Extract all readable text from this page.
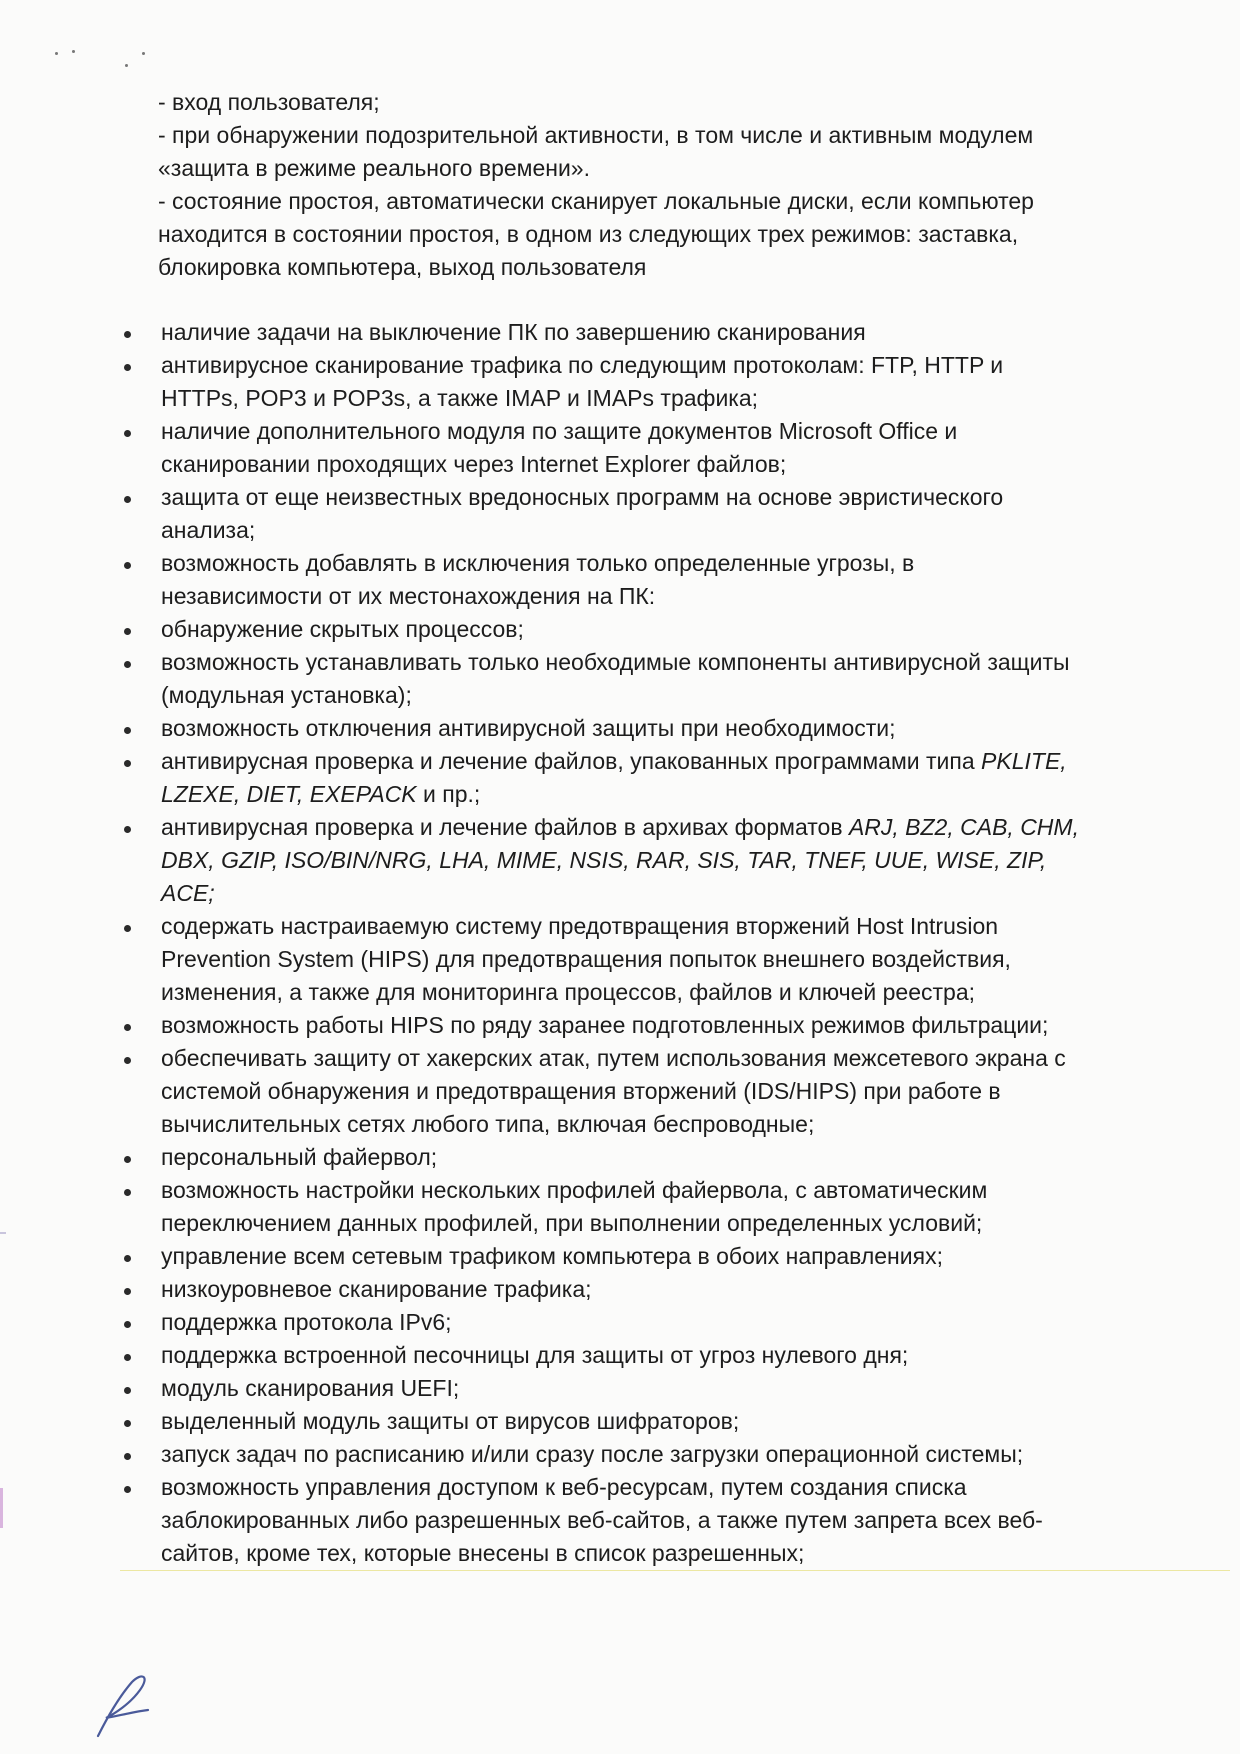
- вход пользователя;
- при обнаружении подозрительной активности, в том числе и активным модулем
«защита в режиме реального времени».
- состояние простоя, автоматически сканирует локальные диски, если компьютер
находится в состоянии простоя, в одном из следующих трех режимов: заставка,
блокировка компьютера, выход пользователя
наличие задачи на выключение ПК по завершению сканирования
антивирусное сканирование трафика по следующим протоколам: FTP, HTTP и
HTTPs, POP3 и POP3s, а также IMAP и IMAPs трафика;
наличие дополнительного модуля по защите документов Microsoft Office и
сканировании проходящих через Internet Explorer файлов;
защита от еще неизвестных вредоносных программ на основе эвристического
анализа;
возможность добавлять в исключения только определенные угрозы, в
независимости от их местонахождения на ПК:
обнаружение скрытых процессов;
возможность устанавливать только необходимые компоненты антивирусной защиты
(модульная установка);
возможность отключения антивирусной защиты при необходимости;
антивирусная проверка и лечение файлов, упакованных программами типа PKLITE,
LZEXE, DIET, EXEPACK и пр.;
антивирусная проверка и лечение файлов в архивах форматов ARJ, BZ2, CAB, CHM,
DBX, GZIP, ISO/BIN/NRG, LHA, MIME, NSIS, RAR, SIS, TAR, TNEF, UUE, WISE, ZIP,
ACE;
содержать настраиваемую систему предотвращения вторжений Host Intrusion
Prevention System (HIPS) для предотвращения попыток внешнего воздействия,
изменения, а также для мониторинга процессов, файлов и ключей реестра;
возможность работы HIPS по ряду заранее подготовленных режимов фильтрации;
обеспечивать защиту от хакерских атак, путем использования межсетевого экрана с
системой обнаружения и предотвращения вторжений (IDS/HIPS) при работе в
вычислительных сетях любого типа, включая беспроводные;
персональный файервол;
возможность настройки нескольких профилей файервола, с автоматическим
переключением данных профилей, при выполнении определенных условий;
управление всем сетевым трафиком компьютера в обоих направлениях;
низкоуровневое сканирование трафика;
поддержка протокола IPv6;
поддержка встроенной песочницы для защиты от угроз нулевого дня;
модуль сканирования UEFI;
выделенный модуль защиты от вирусов шифраторов;
запуск задач по расписанию и/или сразу после загрузки операционной системы;
возможность управления доступом к веб-ресурсам, путем создания списка
заблокированных либо разрешенных веб-сайтов, а также путем запрета всех веб-
сайтов, кроме тех, которые внесены в список разрешенных;
